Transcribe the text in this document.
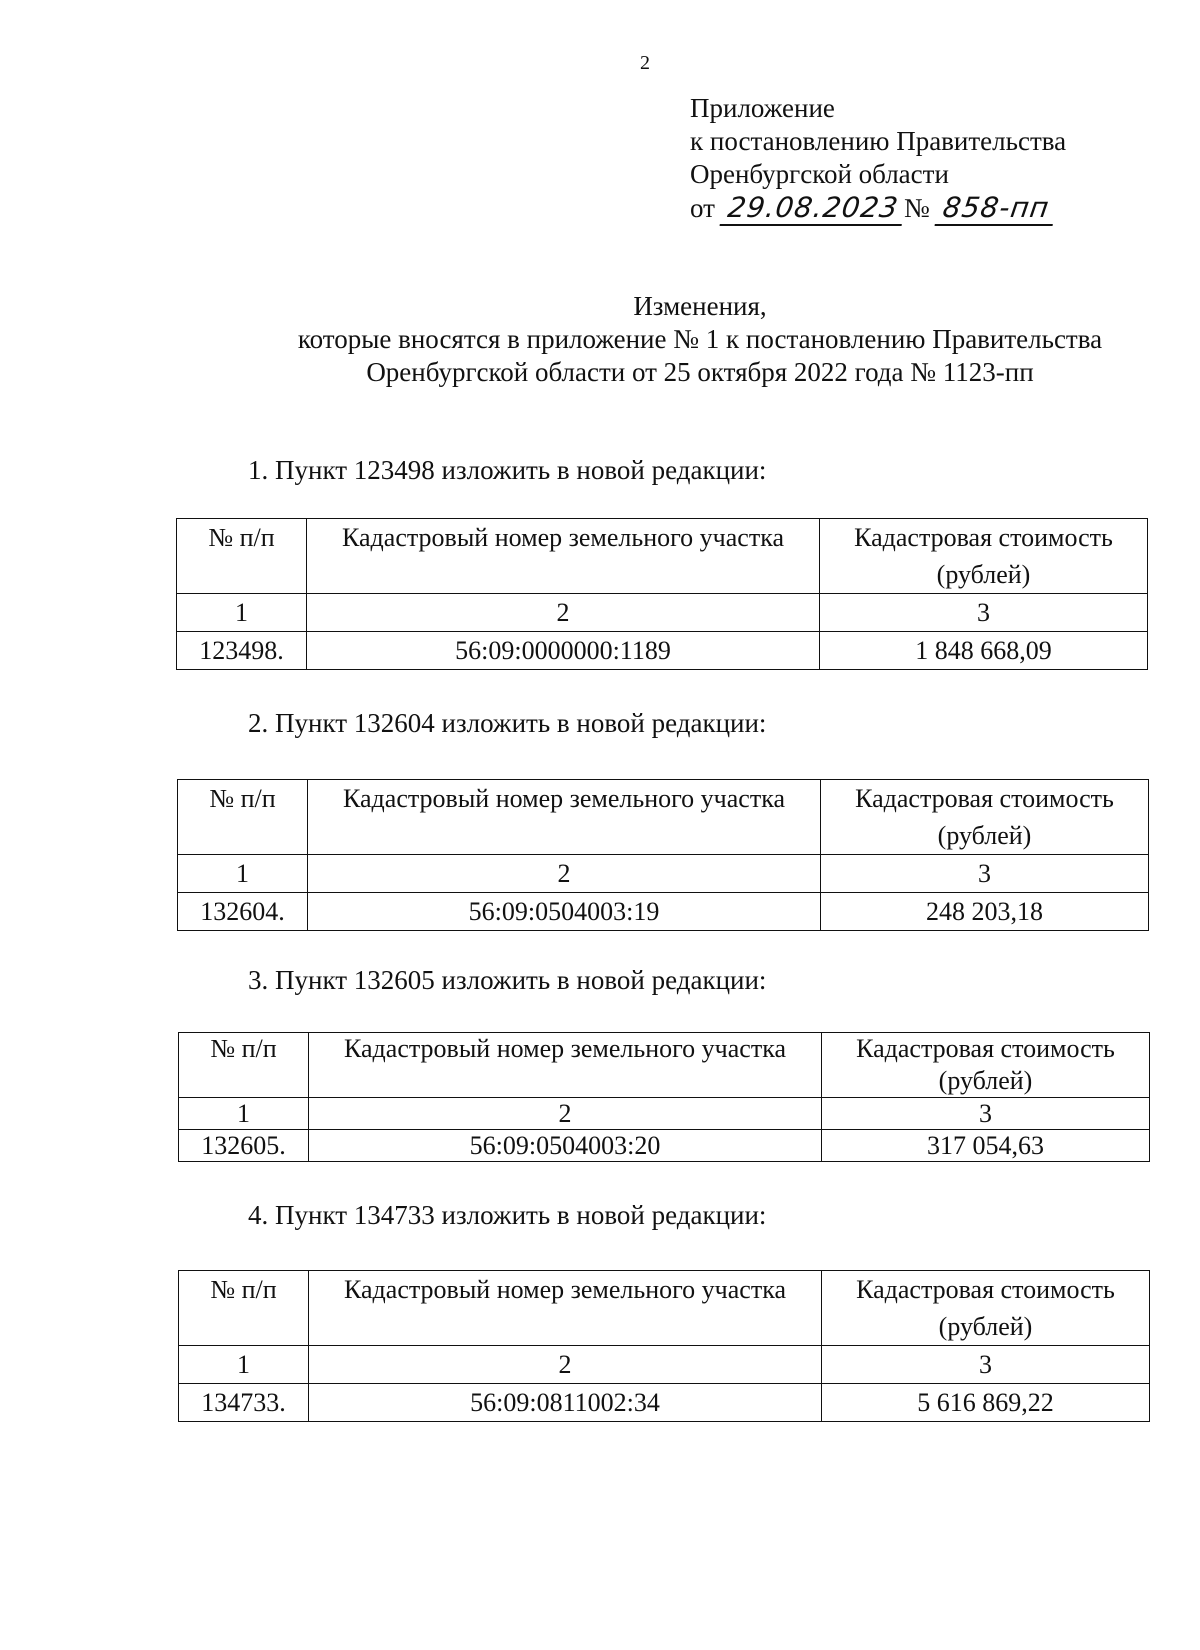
2
Приложение
к постановлению Правительства
Оренбургской области
от 29.08.2023 № 858-пп
Изменения,
которые вносятся в приложение № 1 к постановлению Правительства
Оренбургской области от 25 октября 2022 года № 1123-пп
1. Пункт 123498 изложить в новой редакции:
№ п/п	Кадастровый номер земельного участка	Кадастровая стоимость
(рублей)
1	2	3
123498.	56:09:0000000:1189	1 848 668,09
2. Пункт 132604 изложить в новой редакции:
№ п/п	Кадастровый номер земельного участка	Кадастровая стоимость
(рублей)
1	2	3
132604.	56:09:0504003:19	248 203,18
3. Пункт 132605 изложить в новой редакции:
№ п/п	Кадастровый номер земельного участка	Кадастровая стоимость
(рублей)
1	2	3
132605.	56:09:0504003:20	317 054,63
4. Пункт 134733 изложить в новой редакции:
№ п/п	Кадастровый номер земельного участка	Кадастровая стоимость
(рублей)
1	2	3
134733.	56:09:0811002:34	5 616 869,22
